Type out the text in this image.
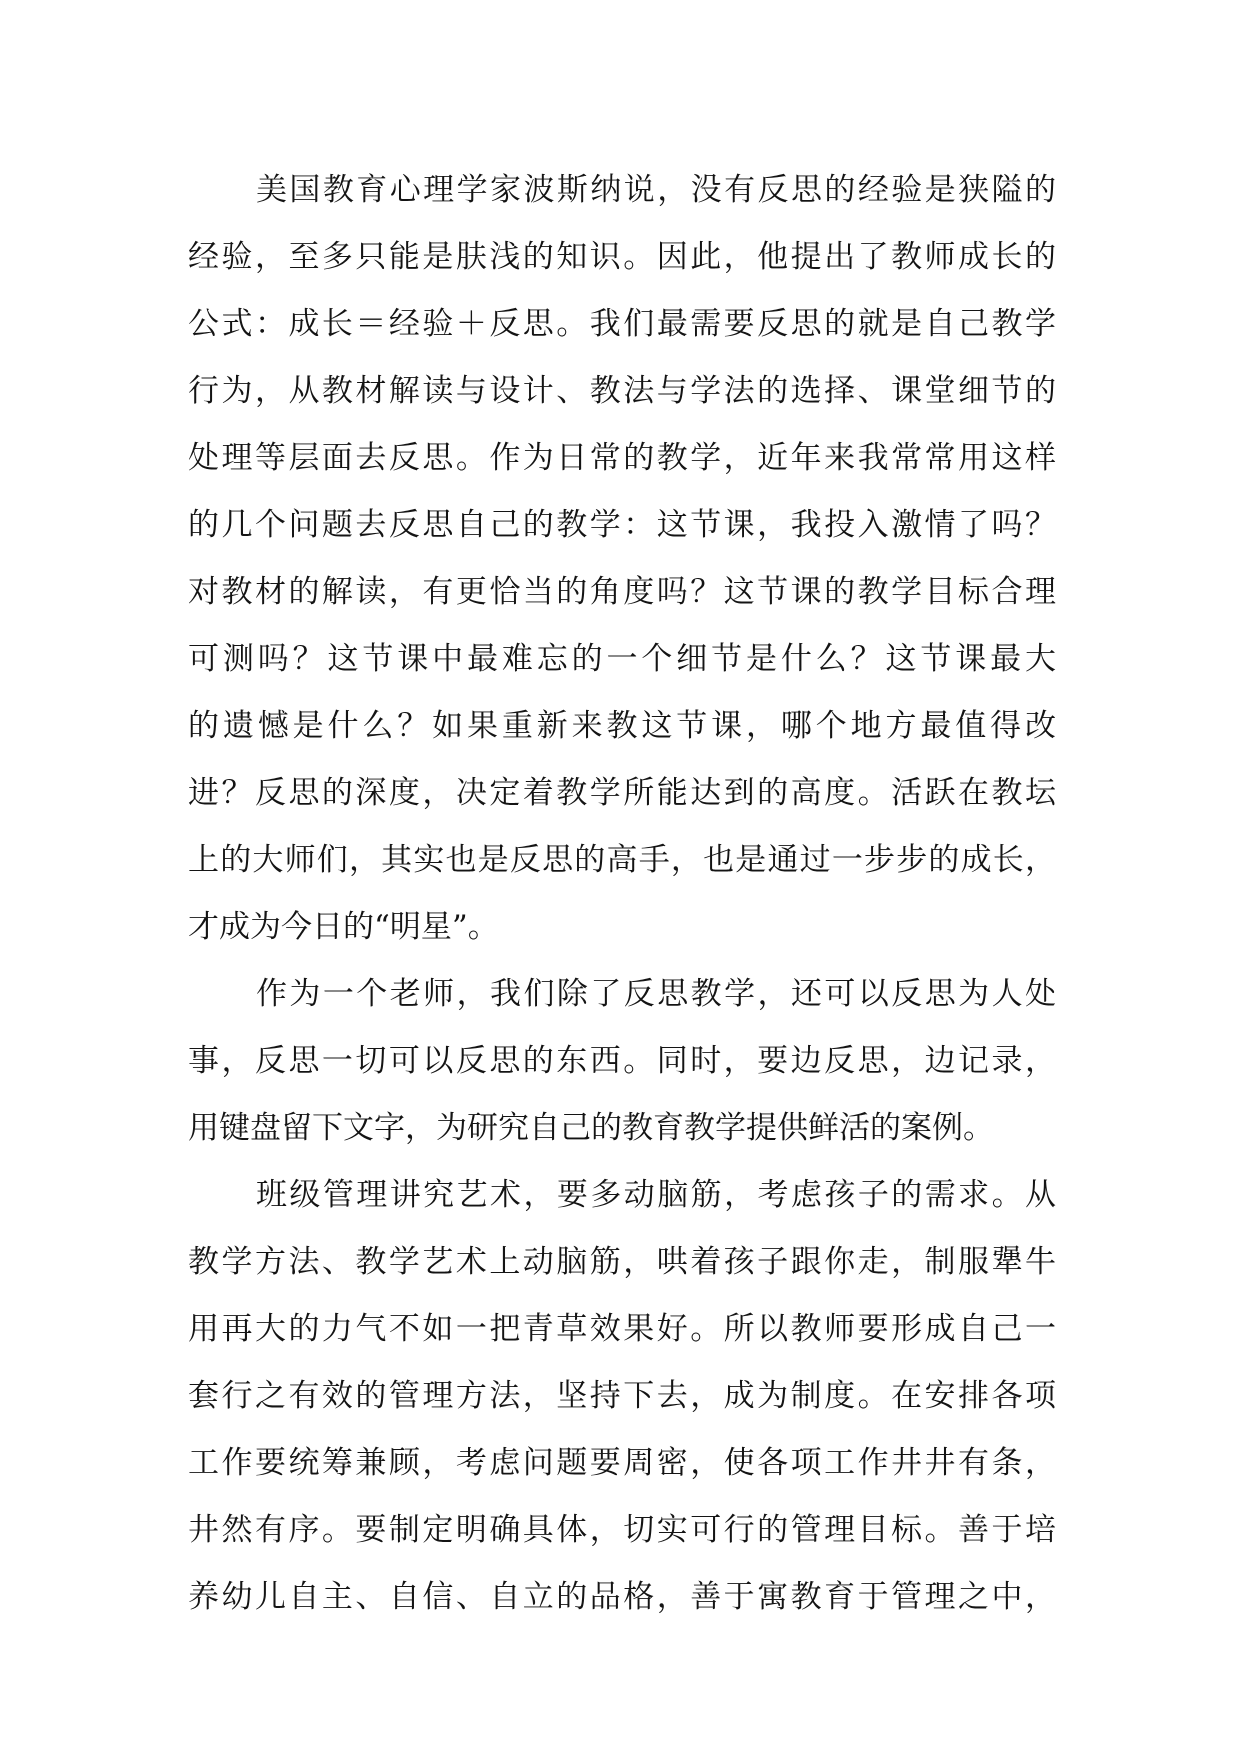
美国教育心理学家波斯纳说，没有反思的经验是狭隘的
经验，至多只能是肤浅的知识。因此，他提出了教师成长的
公式：成长＝经验＋反思。我们最需要反思的就是自己教学
行为，从教材解读与设计、教法与学法的选择、课堂细节的
处理等层面去反思。作为日常的教学，近年来我常常用这样
的几个问题去反思自己的教学：这节课，我投入激情了吗？
对教材的解读，有更恰当的角度吗？这节课的教学目标合理
可测吗？这节课中最难忘的一个细节是什么？这节课最大
的遗憾是什么？如果重新来教这节课，哪个地方最值得改
进？反思的深度，决定着教学所能达到的高度。活跃在教坛
上的大师们，其实也是反思的高手，也是通过一步步的成长，
才成为今日的“明星”。
作为一个老师，我们除了反思教学，还可以反思为人处
事，反思一切可以反思的东西。同时，要边反思，边记录，
用键盘留下文字，为研究自己的教育教学提供鲜活的案例。
班级管理讲究艺术，要多动脑筋，考虑孩子的需求。从
教学方法、教学艺术上动脑筋，哄着孩子跟你走，制服犟牛
用再大的力气不如一把青草效果好。所以教师要形成自己一
套行之有效的管理方法，坚持下去，成为制度。在安排各项
工作要统筹兼顾，考虑问题要周密，使各项工作井井有条，
井然有序。要制定明确具体，切实可行的管理目标。善于培
养幼儿自主、自信、自立的品格，善于寓教育于管理之中，
